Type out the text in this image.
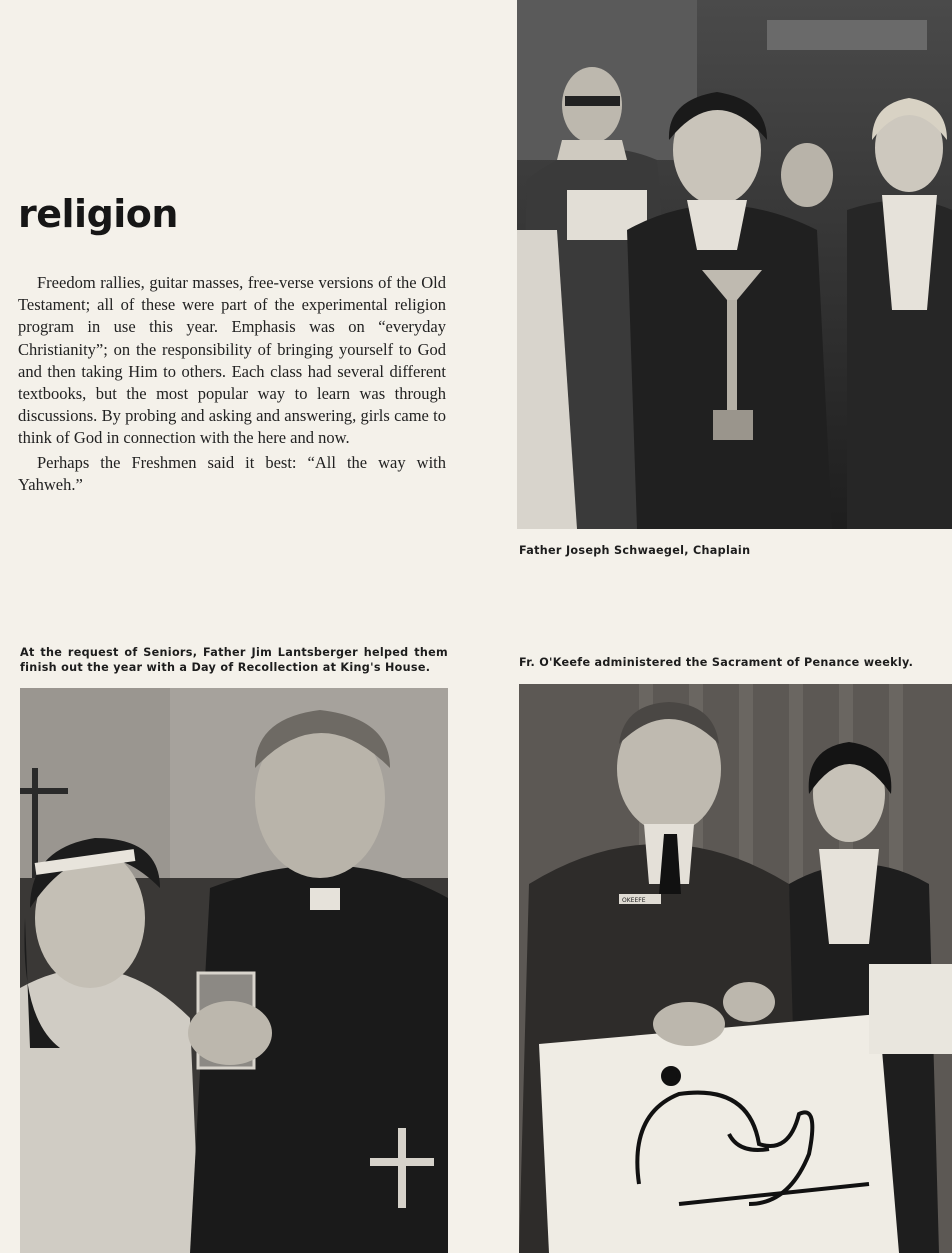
religion

Freedom rallies, guitar masses, free-verse versions of the Old Testament; all of these were part of the experimental religion program in use this year. Emphasis was on “everyday Christianity”; on the responsibility of bringing yourself to God and then taking Him to others. Each class had several different textbooks, but the most popular way to learn was through discussions. By probing and asking and answering, girls came to think of God in connection with the here and now.

Perhaps the Freshmen said it best: “All the way with Yahweh.”

Father Joseph Schwaegel, Chaplain
At the request of Seniors, Father Jim Lantsberger helped them finish out the year with a Day of Recollection at King's House.	Fr. O'Keefe administered the Sacrament of Penance weekly.
OKEEFE
